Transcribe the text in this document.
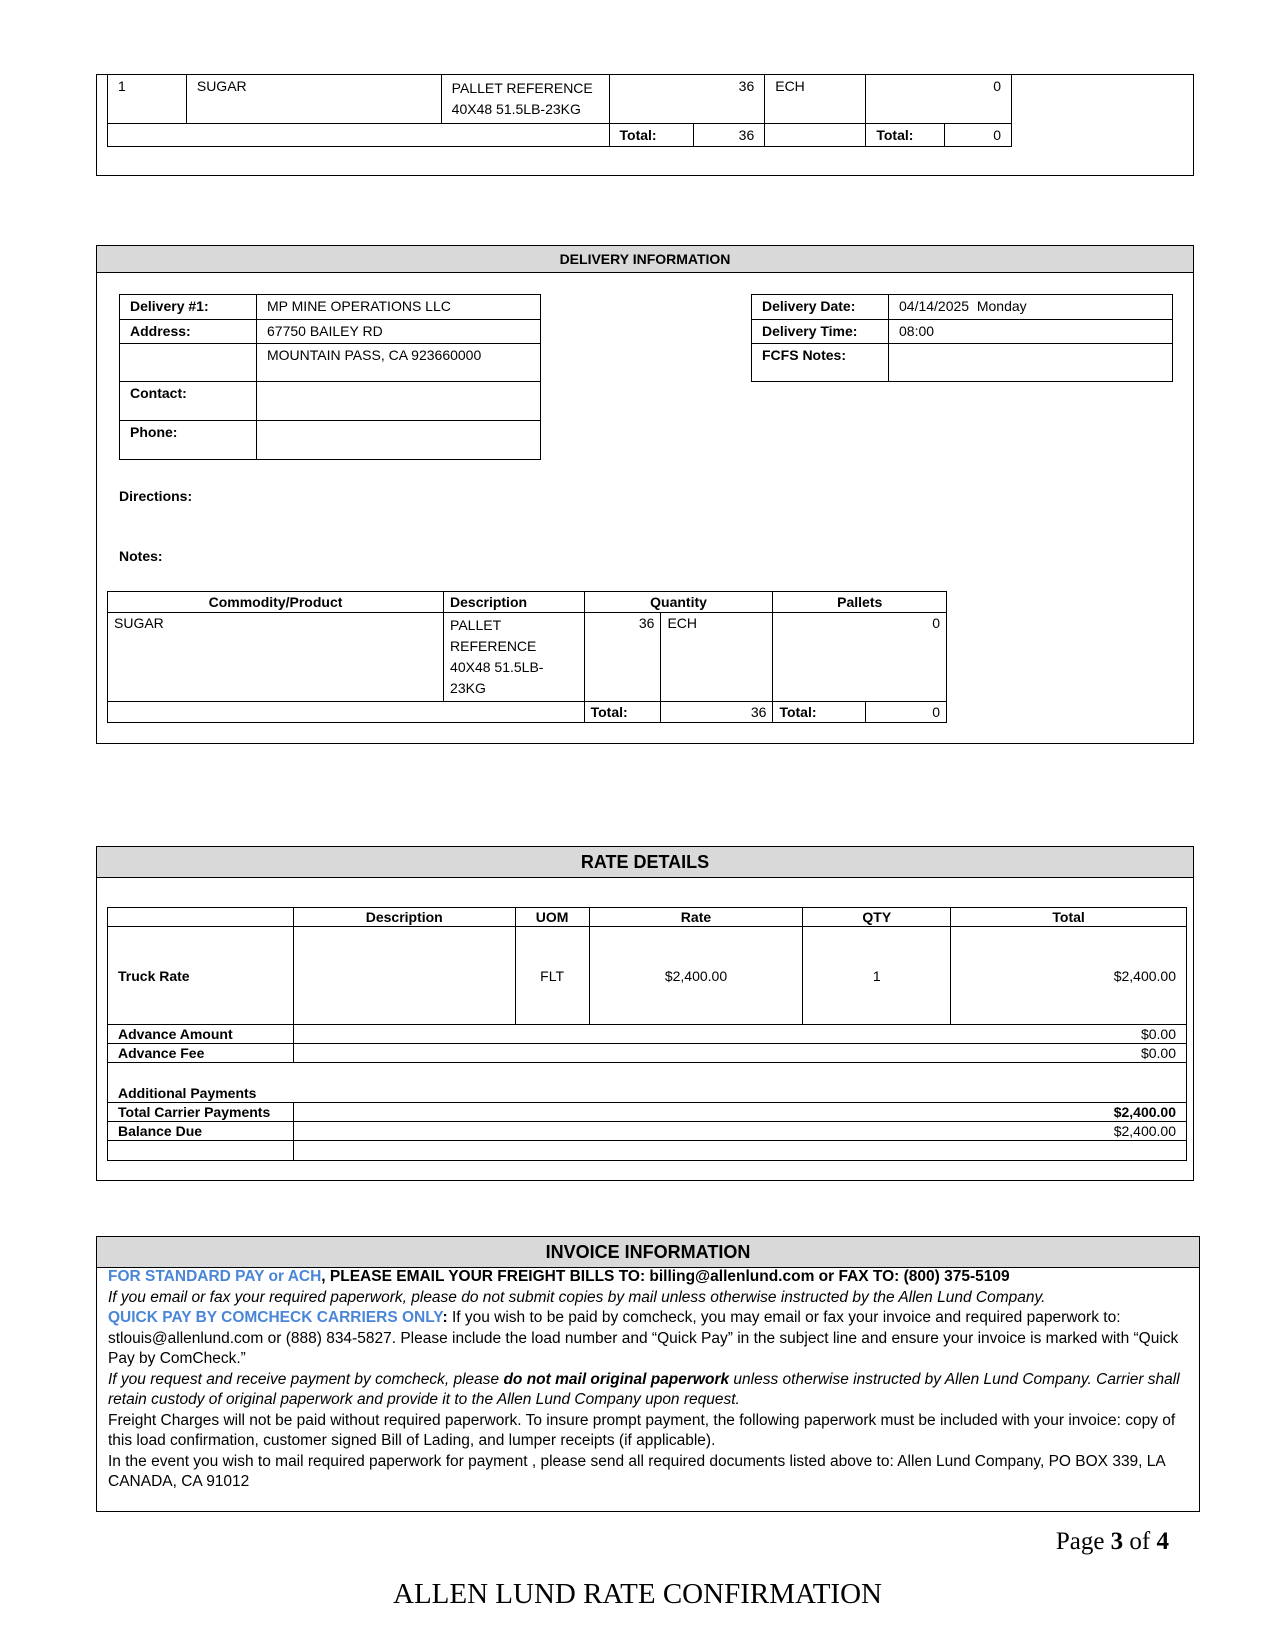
1	SUGAR	PALLET REFERENCE 40X48 51.5LB-23KG	36		ECH	0	
			Total:	36		Total:	0
DELIVERY INFORMATION
Delivery #1:	MP MINE OPERATIONS LLC
Address:	67750 BAILEY RD
	MOUNTAIN PASS, CA 923660000
Contact:	
Phone:	
Delivery Date:	04/14/2025  Monday
Delivery Time:	08:00
FCFS Notes:	
Directions:
Notes:
Commodity/Product	Description	Quantity		Pallets	
SUGAR	PALLET REFERENCE 40X48 51.5LB-23KG	36	ECH	0	
		Total:	36	Total:	0
RATE DETAILS
	Description	UOM	Rate	QTY	Total
Truck Rate		FLT	$2,400.00	1	$2,400.00
Advance Amount	$0.00				
Advance Fee	$0.00				
Additional Payments					
Total Carrier Payments	$2,400.00				
Balance Due	$2,400.00				

INVOICE INFORMATION

FOR STANDARD PAY or ACH, PLEASE EMAIL YOUR FREIGHT BILLS TO: billing@allenlund.com or FAX TO: (800) 375-5109

If you email or fax your required paperwork, please do not submit copies by mail unless otherwise instructed by the Allen Lund Company.

QUICK PAY BY COMCHECK CARRIERS ONLY: If you wish to be paid by comcheck, you may email or fax your invoice and required paperwork to: stlouis@allenlund.com or (888) 834-5827. Please include the load number and “Quick Pay” in the subject line and ensure your invoice is marked with “Quick Pay by ComCheck.”

If you request and receive payment by comcheck, please do not mail original paperwork unless otherwise instructed by Allen Lund Company. Carrier shall retain custody of original paperwork and provide it to the Allen Lund Company upon request.

Freight Charges will not be paid without required paperwork. To insure prompt payment, the following paperwork must be included with your invoice: copy of this load confirmation, customer signed Bill of Lading, and lumper receipts (if applicable).

In the event you wish to mail required paperwork for payment , please send all required documents listed above to: Allen Lund Company, PO BOX 339, LA CANADA, CA 91012

Page 3 of 4
ALLEN LUND RATE CONFIRMATION
